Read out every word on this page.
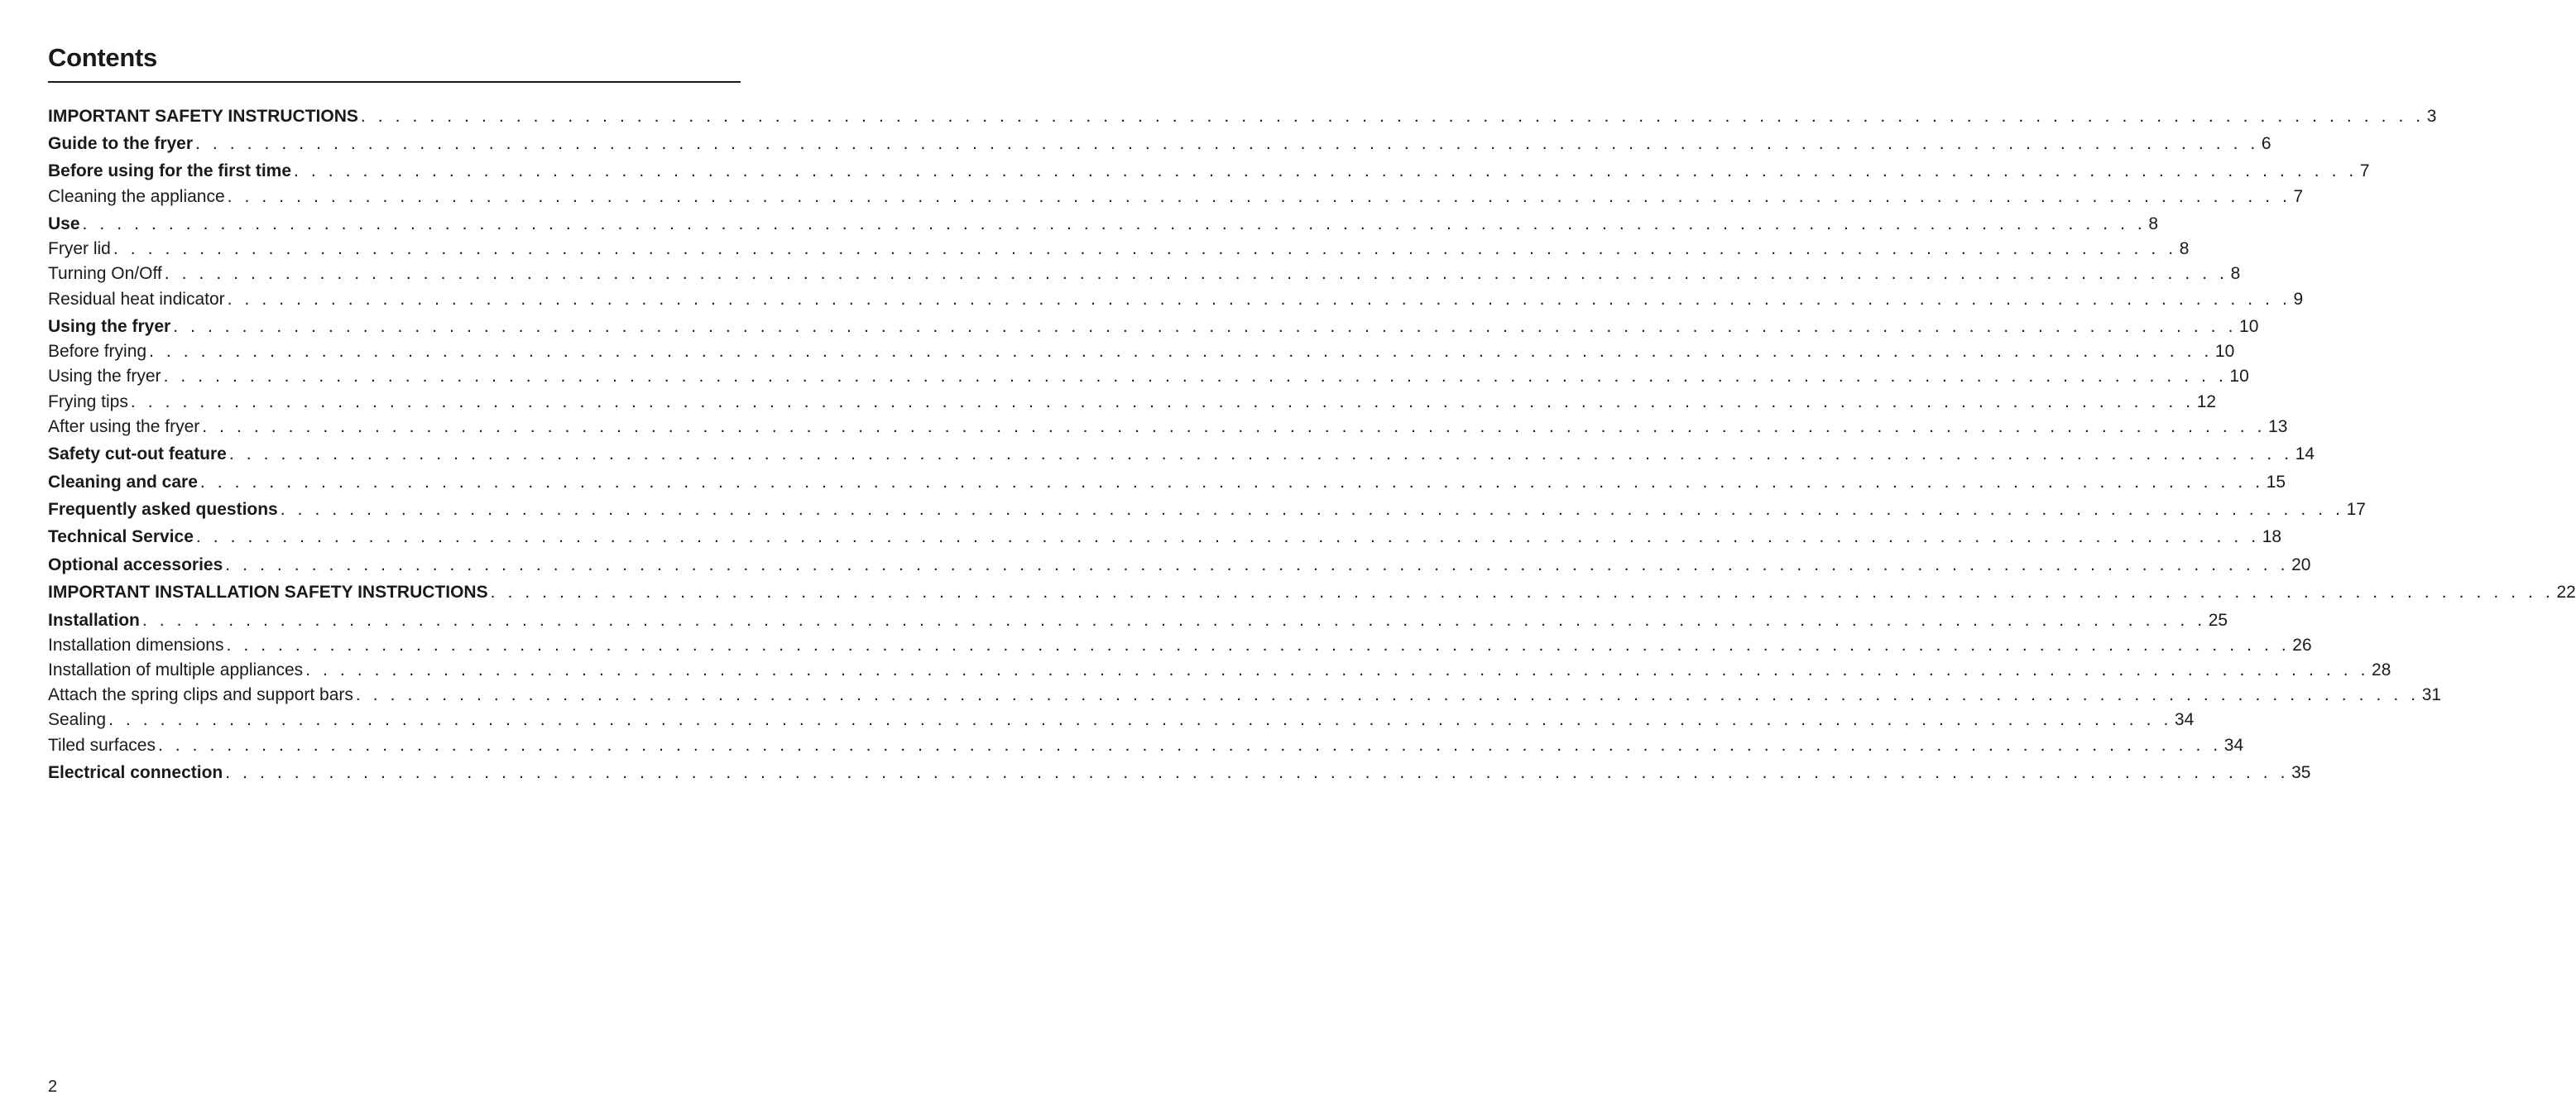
Contents
IMPORTANT SAFETY INSTRUCTIONS . . . . . . . . . . . . . . . . . . . . . . . . . . . . . . . . . . . . . . . . . . . . . . . . . . . . . . . . . . . . . . . . . . . . . . . . . . . . . . . . . . . . . . . . . . . . . . . . . . . . . . . . . . . . . . . . . . . . . . . . 3
Guide to the fryer . . . . . . . . . . . . . . . . . . . . . . . . . . . . . . . . . . . . . . . . . . . . . . . . . . . . . . . . . . . . . . . . . . . . . . . . . . . . . . . . . . . . . . . . . . . . . . . . . . . . . . . . . . . . . . . . . . . . . . . . 6
Before using for the first time . . . . . . . . . . . . . . . . . . . . . . . . . . . . . . . . . . . . . . . . . . . . . . . . . . . . . . . . . . . . . . . . . . . . . . . . . . . . . . . . . . . . . . . . . . . . . . . . . . . . . . . . . . . . . . . . . . . . . . . . 7
Cleaning the appliance . . . . . . . . . . . . . . . . . . . . . . . . . . . . . . . . . . . . . . . . . . . . . . . . . . . . . . . . . . . . . . . . . . . . . . . . . . . . . . . . . . . . . . . . . . . . . . . . . . . . . . . . . . . . . . . . . . . . . . . . 7
Use . . . . . . . . . . . . . . . . . . . . . . . . . . . . . . . . . . . . . . . . . . . . . . . . . . . . . . . . . . . . . . . . . . . . . . . . . . . . . . . . . . . . . . . . . . . . . . . . . . . . . . . . . . . . . . . . . . . . . . . . 8
Fryer lid . . . . . . . . . . . . . . . . . . . . . . . . . . . . . . . . . . . . . . . . . . . . . . . . . . . . . . . . . . . . . . . . . . . . . . . . . . . . . . . . . . . . . . . . . . . . . . . . . . . . . . . . . . . . . . . . . . . . . . . . 8
Turning On/Off . . . . . . . . . . . . . . . . . . . . . . . . . . . . . . . . . . . . . . . . . . . . . . . . . . . . . . . . . . . . . . . . . . . . . . . . . . . . . . . . . . . . . . . . . . . . . . . . . . . . . . . . . . . . . . . . . . . . . . . . 8
Residual heat indicator . . . . . . . . . . . . . . . . . . . . . . . . . . . . . . . . . . . . . . . . . . . . . . . . . . . . . . . . . . . . . . . . . . . . . . . . . . . . . . . . . . . . . . . . . . . . . . . . . . . . . . . . . . . . . . . . . . . . . . . . 9
Using the fryer . . . . . . . . . . . . . . . . . . . . . . . . . . . . . . . . . . . . . . . . . . . . . . . . . . . . . . . . . . . . . . . . . . . . . . . . . . . . . . . . . . . . . . . . . . . . . . . . . . . . . . . . . . . . . . . . . . . . . . . . 10
Before frying . . . . . . . . . . . . . . . . . . . . . . . . . . . . . . . . . . . . . . . . . . . . . . . . . . . . . . . . . . . . . . . . . . . . . . . . . . . . . . . . . . . . . . . . . . . . . . . . . . . . . . . . . . . . . . . . . . . . . . . . 10
Using the fryer . . . . . . . . . . . . . . . . . . . . . . . . . . . . . . . . . . . . . . . . . . . . . . . . . . . . . . . . . . . . . . . . . . . . . . . . . . . . . . . . . . . . . . . . . . . . . . . . . . . . . . . . . . . . . . . . . . . . . . . . 10
Frying tips . . . . . . . . . . . . . . . . . . . . . . . . . . . . . . . . . . . . . . . . . . . . . . . . . . . . . . . . . . . . . . . . . . . . . . . . . . . . . . . . . . . . . . . . . . . . . . . . . . . . . . . . . . . . . . . . . . . . . . . . 12
After using the fryer . . . . . . . . . . . . . . . . . . . . . . . . . . . . . . . . . . . . . . . . . . . . . . . . . . . . . . . . . . . . . . . . . . . . . . . . . . . . . . . . . . . . . . . . . . . . . . . . . . . . . . . . . . . . . . . . . . . . . . . . 13
Safety cut-out feature . . . . . . . . . . . . . . . . . . . . . . . . . . . . . . . . . . . . . . . . . . . . . . . . . . . . . . . . . . . . . . . . . . . . . . . . . . . . . . . . . . . . . . . . . . . . . . . . . . . . . . . . . . . . . . . . . . . . . . . . 14
Cleaning and care . . . . . . . . . . . . . . . . . . . . . . . . . . . . . . . . . . . . . . . . . . . . . . . . . . . . . . . . . . . . . . . . . . . . . . . . . . . . . . . . . . . . . . . . . . . . . . . . . . . . . . . . . . . . . . . . . . . . . . . . 15
Frequently asked questions . . . . . . . . . . . . . . . . . . . . . . . . . . . . . . . . . . . . . . . . . . . . . . . . . . . . . . . . . . . . . . . . . . . . . . . . . . . . . . . . . . . . . . . . . . . . . . . . . . . . . . . . . . . . . . . . . . . . . . . . 17
Technical Service . . . . . . . . . . . . . . . . . . . . . . . . . . . . . . . . . . . . . . . . . . . . . . . . . . . . . . . . . . . . . . . . . . . . . . . . . . . . . . . . . . . . . . . . . . . . . . . . . . . . . . . . . . . . . . . . . . . . . . . . 18
Optional accessories . . . . . . . . . . . . . . . . . . . . . . . . . . . . . . . . . . . . . . . . . . . . . . . . . . . . . . . . . . . . . . . . . . . . . . . . . . . . . . . . . . . . . . . . . . . . . . . . . . . . . . . . . . . . . . . . . . . . . . . . 20
IMPORTANT INSTALLATION SAFETY INSTRUCTIONS . . . . . . . . . . . . . . . . . . . . . . . . . . . . . . . . . . . . . . . . . . . . . . . . . . . . . . . . . . . . . . . . . . . . . . . . . . . . . . . . . . . . . . . . . . . . . . . . . . . . . . . . . . . . . . . . . . . . . . . . 22
Installation . . . . . . . . . . . . . . . . . . . . . . . . . . . . . . . . . . . . . . . . . . . . . . . . . . . . . . . . . . . . . . . . . . . . . . . . . . . . . . . . . . . . . . . . . . . . . . . . . . . . . . . . . . . . . . . . . . . . . . . . 25
Installation dimensions . . . . . . . . . . . . . . . . . . . . . . . . . . . . . . . . . . . . . . . . . . . . . . . . . . . . . . . . . . . . . . . . . . . . . . . . . . . . . . . . . . . . . . . . . . . . . . . . . . . . . . . . . . . . . . . . . . . . . . . . 26
Installation of multiple appliances . . . . . . . . . . . . . . . . . . . . . . . . . . . . . . . . . . . . . . . . . . . . . . . . . . . . . . . . . . . . . . . . . . . . . . . . . . . . . . . . . . . . . . . . . . . . . . . . . . . . . . . . . . . . . . . . . . . . . . . . 28
Attach the spring clips and support bars . . . . . . . . . . . . . . . . . . . . . . . . . . . . . . . . . . . . . . . . . . . . . . . . . . . . . . . . . . . . . . . . . . . . . . . . . . . . . . . . . . . . . . . . . . . . . . . . . . . . . . . . . . . . . . . . . . . . . . . . 31
Sealing . . . . . . . . . . . . . . . . . . . . . . . . . . . . . . . . . . . . . . . . . . . . . . . . . . . . . . . . . . . . . . . . . . . . . . . . . . . . . . . . . . . . . . . . . . . . . . . . . . . . . . . . . . . . . . . . . . . . . . . . 34
Tiled surfaces . . . . . . . . . . . . . . . . . . . . . . . . . . . . . . . . . . . . . . . . . . . . . . . . . . . . . . . . . . . . . . . . . . . . . . . . . . . . . . . . . . . . . . . . . . . . . . . . . . . . . . . . . . . . . . . . . . . . . . . . 34
Electrical connection . . . . . . . . . . . . . . . . . . . . . . . . . . . . . . . . . . . . . . . . . . . . . . . . . . . . . . . . . . . . . . . . . . . . . . . . . . . . . . . . . . . . . . . . . . . . . . . . . . . . . . . . . . . . . . . . . . . . . . . . 35
2
